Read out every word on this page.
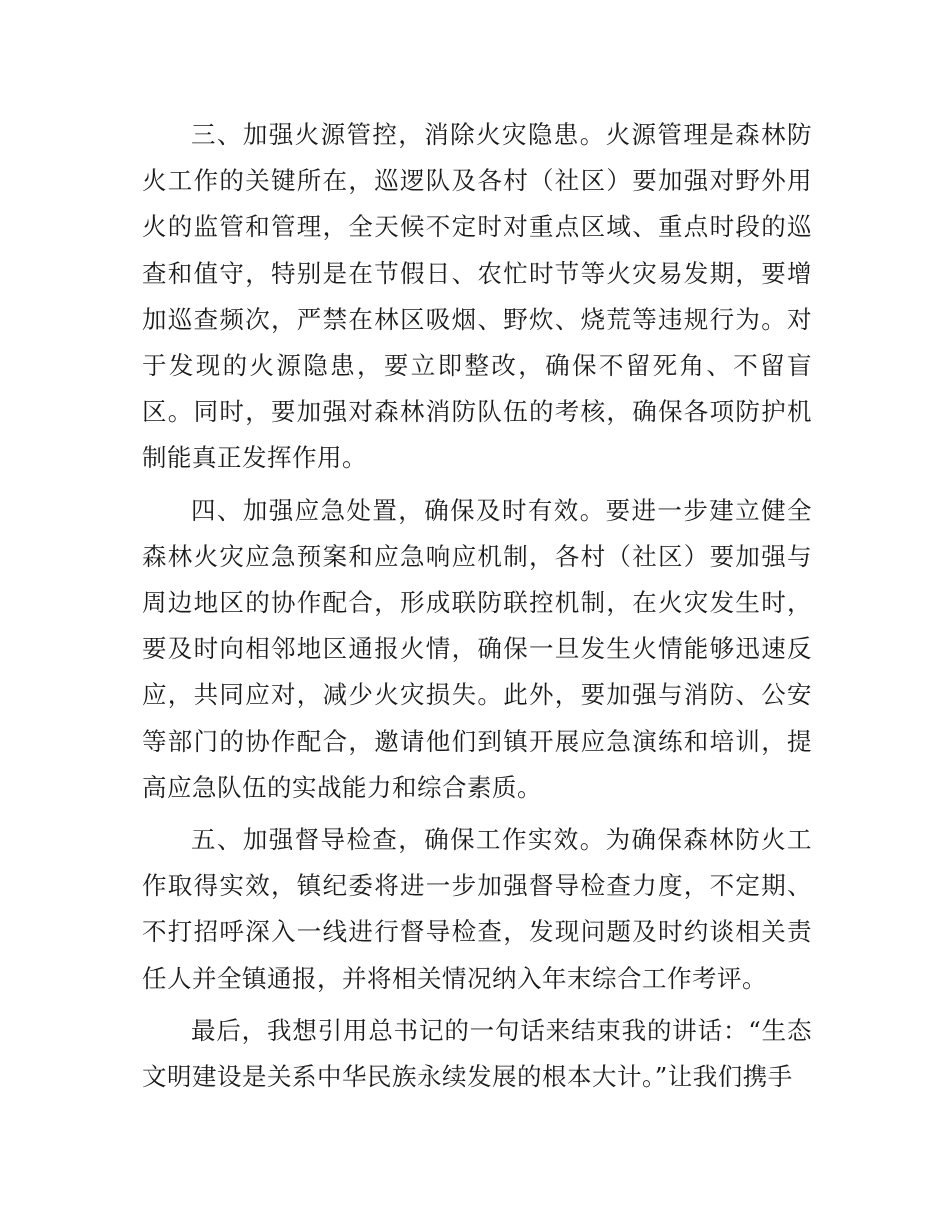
三、加强火源管控，消除火灾隐患。火源管理是森林防火工作的关键所在，巡逻队及各村（社区）要加强对野外用火的监管和管理，全天候不定时对重点区域、重点时段的巡查和值守，特别是在节假日、农忙时节等火灾易发期，要增加巡查频次，严禁在林区吸烟、野炊、烧荒等违规行为。对于发现的火源隐患，要立即整改，确保不留死角、不留盲区。同时，要加强对森林消防队伍的考核，确保各项防护机制能真正发挥作用。

四、加强应急处置，确保及时有效。要进一步建立健全森林火灾应急预案和应急响应机制，各村（社区）要加强与周边地区的协作配合，形成联防联控机制，在火灾发生时，要及时向相邻地区通报火情，确保一旦发生火情能够迅速反应，共同应对，减少火灾损失。此外，要加强与消防、公安等部门的协作配合，邀请他们到镇开展应急演练和培训，提高应急队伍的实战能力和综合素质。

五、加强督导检查，确保工作实效。为确保森林防火工作取得实效，镇纪委将进一步加强督导检查力度，不定期、不打招呼深入一线进行督导检查，发现问题及时约谈相关责任人并全镇通报，并将相关情况纳入年末综合工作考评。

最后，我想引用总书记的一句话来结束我的讲话：“生态文明建设是关系中华民族永续发展的根本大计。”让我们携手
